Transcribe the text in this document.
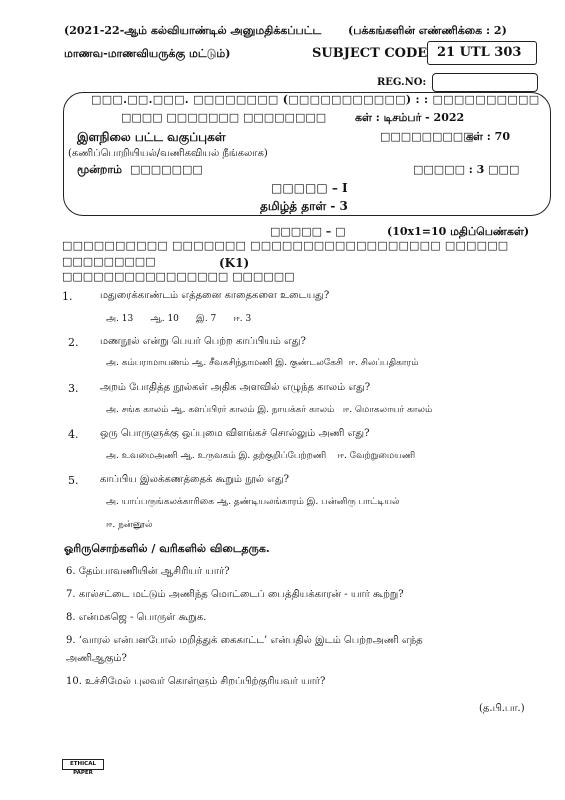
(2021-22-ஆம் கல்வியாண்டில் அனுமதிக்கப்பட்ட (பக்கங்களின் எண்ணிக்கை : 2)
மாணவ-மாணவியருக்கு மட்டும்)	SUBJECT CODE 21 UTL 303
REG.NO:
□□□.□□.□□□. □□□□□□□□ (□□□□□□□□□□□) : : □□□□□□□□□□
□□□□ □□□□□□□ □□□□□□□□	கள் : டிசம்பர் - 2022
இளநிலை பட்ட வகுப்புகள்	□□□□□□□□□
கள் : 70
(கணிப்பொறியியல்/வணிகவியல் நீங்கலாக)
மூன்றாம் □□□□□□□	□□□□□ : 3 □□□
□□□□□ – I
தமிழ்த் தாள் - 3
□□□□□ – □	(10x1=10 மதிப்பெண்கள்)
□□□□□□□□□□ □□□□□□□ □□□□□□□□□□□□□□□□□□ □□□□□□
□□□□□□□□□	(K1)
□□□□□□□□□□□□□□□□ □□□□□□
1.	மதுரைக்காண்டம் எத்தனை காதைகளை உடையது?
அ. 13      ஆ. 10      இ. 7      ஈ. 3
2. மணநூல் என்று பெயர் பெற்ற காப்பியம் எது?
அ. கம்பராமாயணம் ஆ. சீவகசிந்தாமணி இ. குண்டலகேசி  ஈ. சிலப்பதிகாரம்
3. அறம் போதித்த நூல்கள் அதிக அளவில் எழுந்த காலம் எது?
அ. சங்க காலம் ஆ. களப்பிரர் காலம் இ. நாயக்கர் காலம்   ஈ. மொகலாயர் காலம்
4. ஒரு பொருளுக்கு ஒப்புமை விளங்கச் சொல்லும் அணி எது?
அ. உவமைஅணி ஆ. உருவகம் இ. தற்குறிப்பேற்றணி    ஈ. வேற்றுமையணி
5. காப்பிய இலக்கணத்தைக் கூறும் நூல் எது?
அ. யாப்பருங்கலக்காரிகை ஆ. தண்டியலங்காரம் இ. பன்னிரு பாட்டியல்
ஈ. நன்னூல்
ஓரிருசொற்களில் / வரிகளில் விடைதருக.
6. தேம்பாவணியின் ஆசிரியர் யார்?
7. கால்சட்டை மட்டும் அணிந்த மொட்டைப் பைத்தியக்காரன் - யார் கூற்று?
8. என்மகஜெ - பொருள் கூறுக.
9. ‘வாரல் என்பனபோல் மறித்துக் கைகாட்ட’ என்பதில் இடம் பெற்றஅணி எந்த
அணிஆகும்?
10. உச்சிமேல் புலவர் கொள்ளும் சிறப்பிற்குரியவர் யார்?
ETHICAL PAPER
(த.பி.பா.)
